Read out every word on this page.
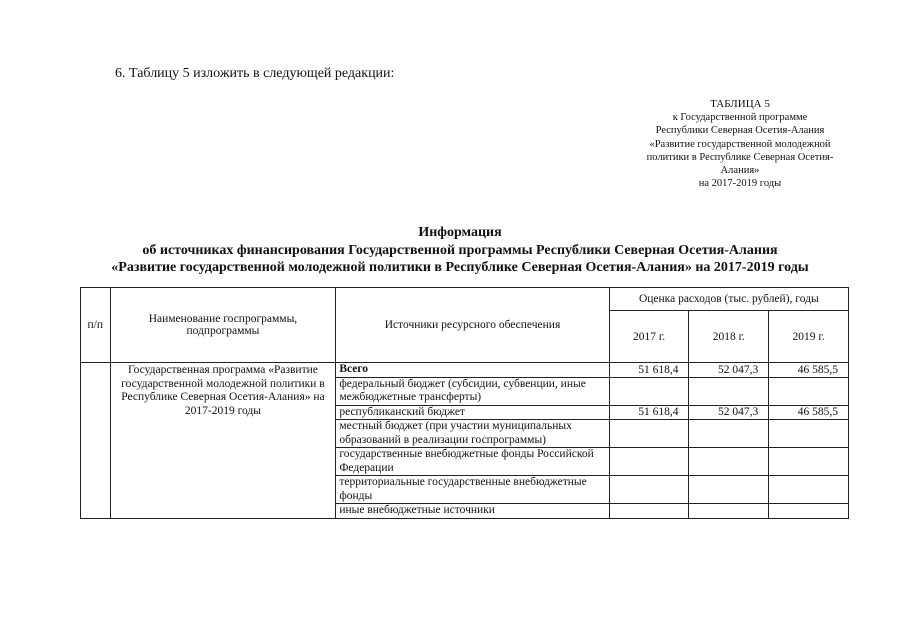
6. Таблицу 5 изложить в следующей редакции:
ТАБЛИЦА 5
к Государственной программе
Республики Северная Осетия-Алания
«Развитие государственной молодежной
политики в Республике Северная Осетия-
Алания»
на 2017-2019 годы
Информация
об источниках финансирования Государственной программы Республики Северная Осетия-Алания
«Развитие государственной молодежной политики в Республике Северная Осетия-Алания» на 2017-2019 годы
п/п	Наименование госпрограммы, подпрограммы	Источники ресурсного обеспечения	Оценка расходов (тыс. рублей), годы		
			2017 г.	2018 г.	2019 г.
	Государственная программа «Развитие государственной молодежной политики в Республике Северная Осетия-Алания» на 2017-2019 годы	Всего	51 618,4	52 047,3	46 585,5
		федеральный бюджет (субсидии, субвенции, иные межбюджетные трансферты)			
		республиканский бюджет	51 618,4	52 047,3	46 585,5
		местный бюджет (при участии муниципальных образований в реализации госпрограммы)			
		государственные внебюджетные фонды Российской Федерации			
		территориальные государственные внебюджетные фонды			
		иные внебюджетные источники			
